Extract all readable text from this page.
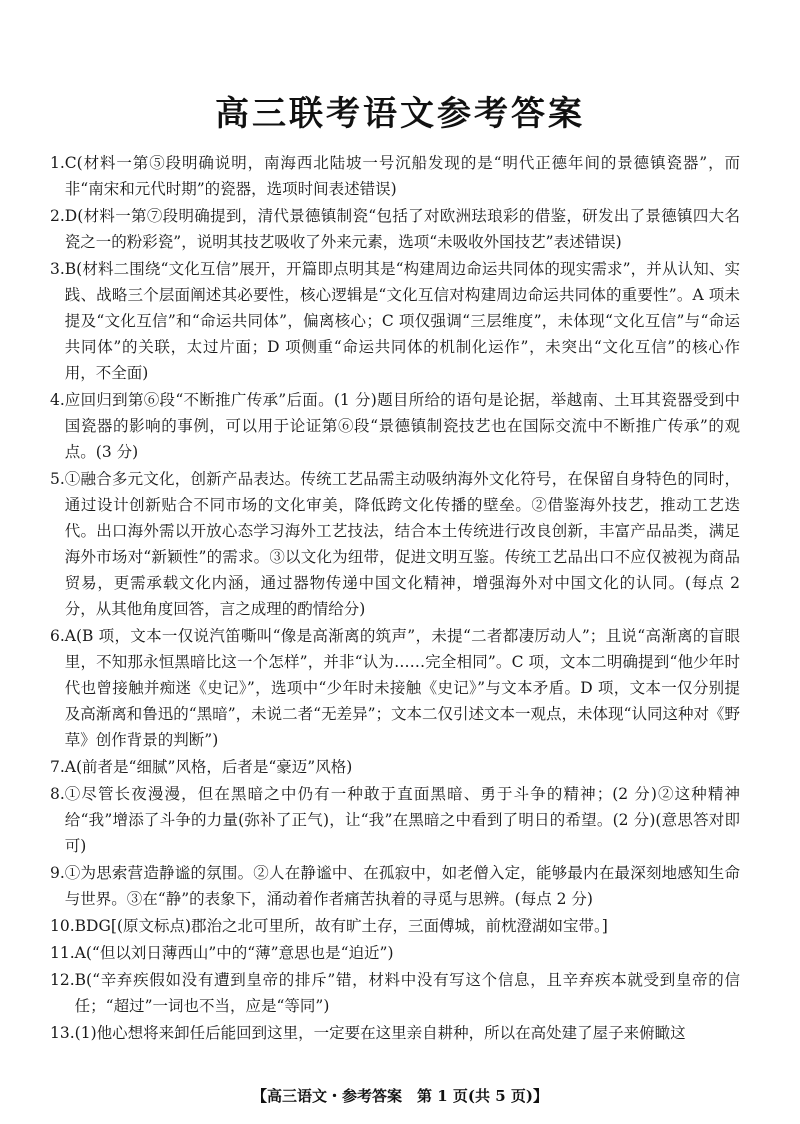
高三联考语文参考答案
1. C(材料一第⑤段明确说明，南海西北陆坡一号沉船发现的是“明代正德年间的景德镇瓷器”，而非“南宋和元代时期”的瓷器，选项时间表述错误)
2. D(材料一第⑦段明确提到，清代景德镇制瓷“包括了对欧洲珐琅彩的借鉴，研发出了景德镇四大名瓷之一的粉彩瓷”，说明其技艺吸收了外来元素，选项“未吸收外国技艺”表述错误)
3. B(材料二围绕“文化互信”展开，开篇即点明其是“构建周边命运共同体的现实需求”，并从认知、实践、战略三个层面阐述其必要性，核心逻辑是“文化互信对构建周边命运共同体的重要性”。A 项未提及“文化互信”和“命运共同体”，偏离核心；C 项仅强调“三层维度”，未体现“文化互信”与“命运共同体”的关联，太过片面；D 项侧重“命运共同体的机制化运作”，未突出“文化互信”的核心作用，不全面)
4. 应回归到第⑥段“不断推广传承”后面。(1 分)题目所给的语句是论据，举越南、土耳其瓷器受到中国瓷器的影响的事例，可以用于论证第⑥段“景德镇制瓷技艺也在国际交流中不断推广传承”的观点。(3 分)
5. ①融合多元文化，创新产品表达。传统工艺品需主动吸纳海外文化符号，在保留自身特色的同时，通过设计创新贴合不同市场的文化审美，降低跨文化传播的壁垒。②借鉴海外技艺，推动工艺迭代。出口海外需以开放心态学习海外工艺技法，结合本土传统进行改良创新，丰富产品品类，满足海外市场对“新颖性”的需求。③以文化为纽带，促进文明互鉴。传统工艺品出口不应仅被视为商品贸易，更需承载文化内涵，通过器物传递中国文化精神，增强海外对中国文化的认同。(每点 2 分，从其他角度回答，言之成理的酌情给分)
6. A(B 项，文本一仅说汽笛嘶叫“像是高渐离的筑声”，未提“二者都凄厉动人”；且说“高渐离的盲眼里，不知那永恒黑暗比这一个怎样”，并非“认为……完全相同”。C 项，文本二明确提到“他少年时代也曾接触并痴迷《史记》”，选项中“少年时未接触《史记》”与文本矛盾。D 项，文本一仅分别提及高渐离和鲁迅的“黑暗”，未说二者“无差异”；文本二仅引述文本一观点，未体现“认同这种对《野草》创作背景的判断”)
7. A(前者是“细腻”风格，后者是“豪迈”风格)
8. ①尽管长夜漫漫，但在黑暗之中仍有一种敢于直面黑暗、勇于斗争的精神；(2 分)②这种精神给“我”增添了斗争的力量(弥补了正气)，让“我”在黑暗之中看到了明日的希望。(2 分)(意思答对即可)
9. ①为思索营造静谧的氛围。②人在静谧中、在孤寂中，如老僧入定，能够最内在最深刻地感知生命与世界。③在“静”的表象下，涌动着作者痛苦执着的寻觅与思辨。(每点 2 分)
10. BDG[(原文标点)郡治之北可里所，故有旷土存，三面傅城，前枕澄湖如宝带。]
11. A(“但以刘日薄西山”中的“薄”意思也是“迫近”)
12. B(“辛弃疾假如没有遭到皇帝的排斥”错，材料中没有写这个信息，且辛弃疾本就受到皇帝的信任；“超过”一词也不当，应是“等同”)
13. (1)他心想将来卸任后能回到这里，一定要在这里亲自耕种，所以在高处建了屋子来俯瞰这
【高三语文・参考答案　第 1 页(共 5 页)】
